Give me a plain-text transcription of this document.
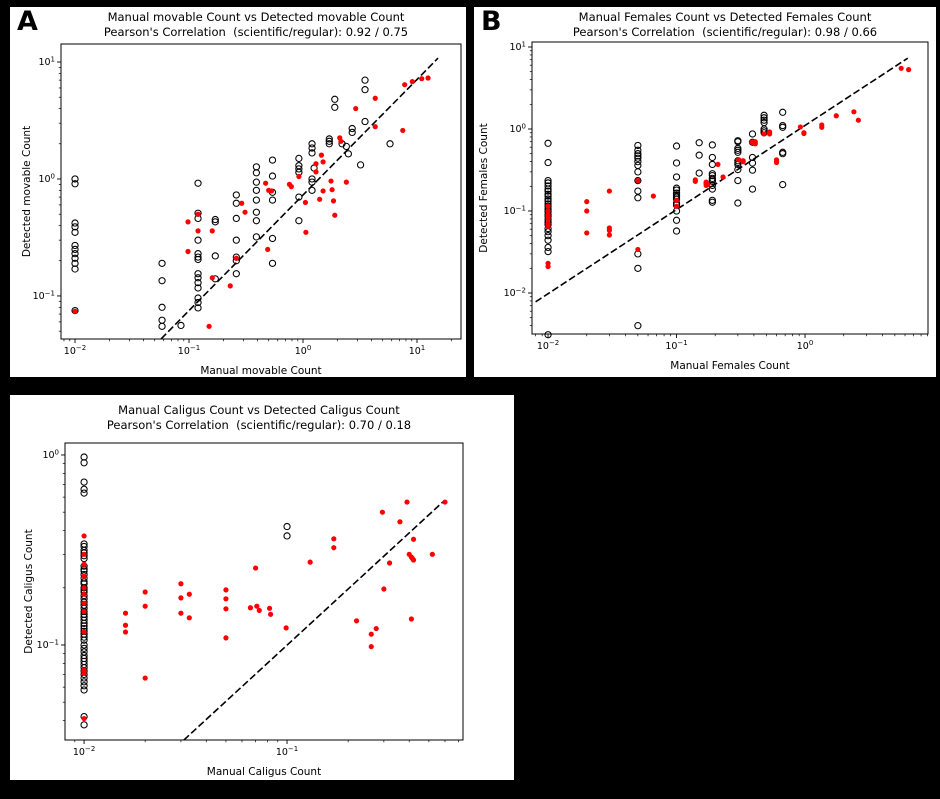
A	Manual movable Count vs Detected movable Count
Pearson's Correlation  (scientific/regular): 0.92 / 0.75
$10^{-2}$	$10^{-1}$	$10^0$	$10^1$
$10^{-1}$
$10^0$
$10^1$
Manual movable Count
Detected movable Count
B	Manual Females Count vs Detected Females Count
Pearson's Correlation  (scientific/regular): 0.98 / 0.66
$10^{-2}$	$10^{-1}$	$10^0$
$10^{-2}$
$10^{-1}$
$10^0$
$10^1$
Manual Females Count
Detected Females Count
Manual Caligus Count vs Detected Caligus Count
Pearson's Correlation  (scientific/regular): 0.70 / 0.18
$10^{-2}$	$10^{-1}$
$10^{-1}$
$10^0$
Manual Caligus Count
Detected Caligus Count
